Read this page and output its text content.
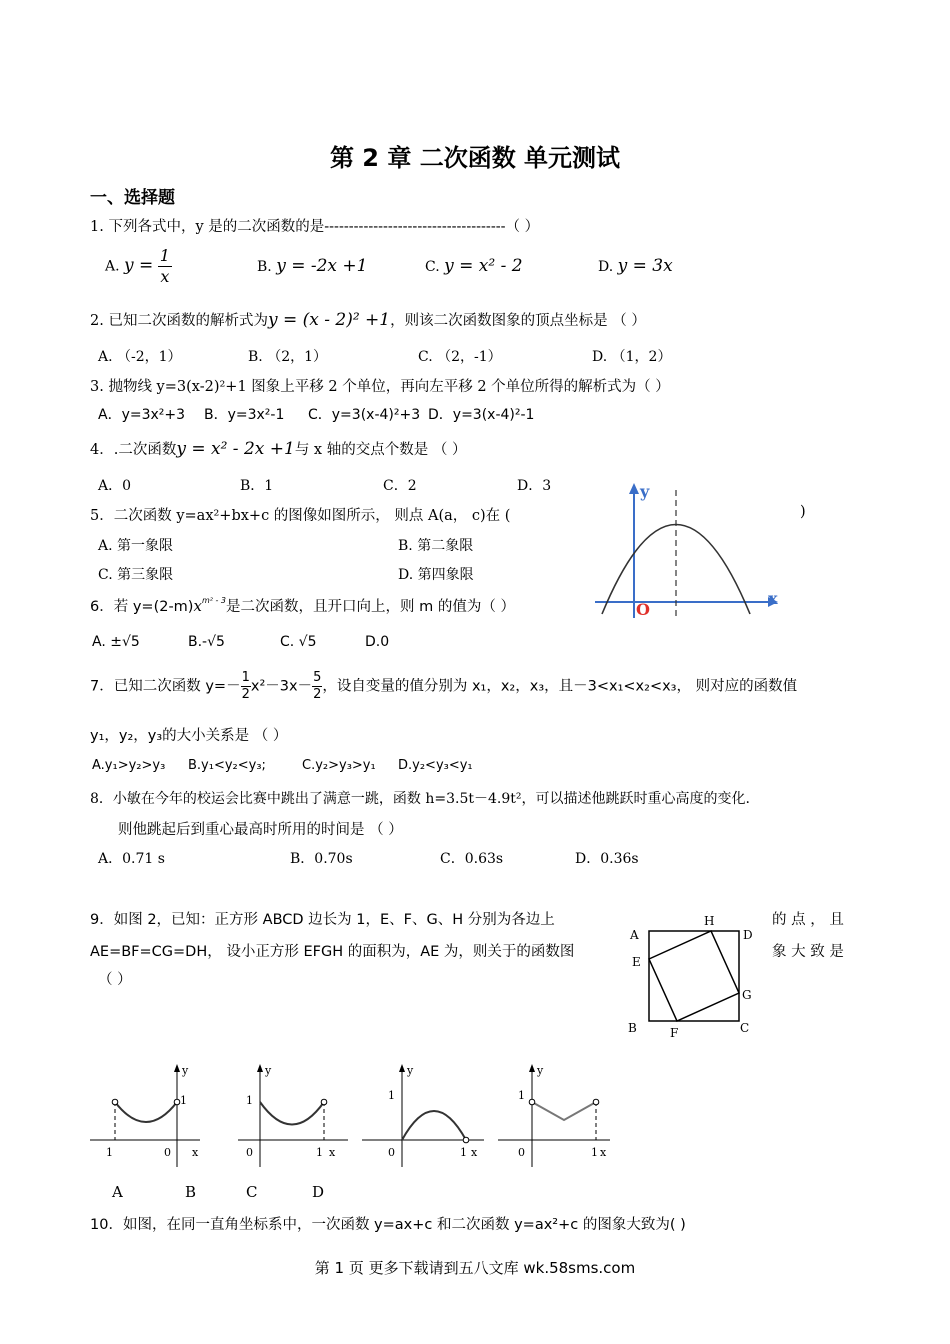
第 2 章 二次函数 单元测试
一、选择题
1. 下列各式中，y 是的二次函数的是-------------------------------------（ ）
A. $y = \frac{1}{x}$	B. y = -2x +1	C. y = x² - 2	D. y = 3x
2. 已知二次函数的解析式为y = (x - 2)² +1，则该二次函数图象的顶点坐标是 （ ）
A. （-2，1）	B. （2，1）	C. （2，-1）	D. （1，2）
3. 抛物线 y=3(x-2)²+1 图象上平移 2 个单位，再向左平移 2 个单位所得的解析式为（ ）
A．y=3x²+3 B．y=3x²-1 C．y=3(x-4)²+3 D．y=3(x-4)²-1
4．.二次函数y = x² - 2x +1与 x 轴的交点个数是 （ ）
A．0	B．1	C．2	D．3
5．二次函数 y=ax²+bx+c 的图像如图所示， 则点 A(a， c)在 (	)
A. 第一象限	B. 第二象限
C. 第三象限	D. 第四象限
y
x
O
6．若 $y=(2-m)x^{m^2 - 3}$是二次函数，且开口向上，则 m 的值为（ ）
A. ±√5	B.-√5	C. √5	D.0
7．已知二次函数 $y=- \frac{1}{2} x^2-3x- \frac{5}{2}$ ，设自变量的值分别为 x₁，x₂，x₃，且－3<x₁<x₂<x₃， 则对应的函数值
y₁，y₂，y₃的大小关系是 （ ）
A.y₁>y₂>y₃ B.y₁<y₂<y₃;	C.y₂>y₃>y₁ D.y₂<y₃<y₁
8．小敏在今年的校运会比赛中跳出了满意一跳，函数 h=3.5t－4.9t²，可以描述他跳跃时重心高度的变化.
则他跳起后到重心最高时所用的时间是 （ ）
A．0.71 s	B．0.70s	C．0.63s	D．0.36s
9．如图 2，已知：正方形 ABCD 边长为 1，E、F、G、H 分别为各边上	的 点 ， 且
AE=BF=CG=DH， 设小正方形 EFGH 的面积为，AE 为，则关于的函数图	象 大 致 是
（ ）
A
B	C
D
E
F
G
H
y
1
1	0 x
y
1
0	1 x
y
1
0	1 x
y
1
0	1 x
A	B	C	D
10．如图，在同一直角坐标系中，一次函数 y=ax+c 和二次函数 y=ax²+c 的图象大致为( )
第 1 页 更多下载请到五八文库 wk.58sms.com
